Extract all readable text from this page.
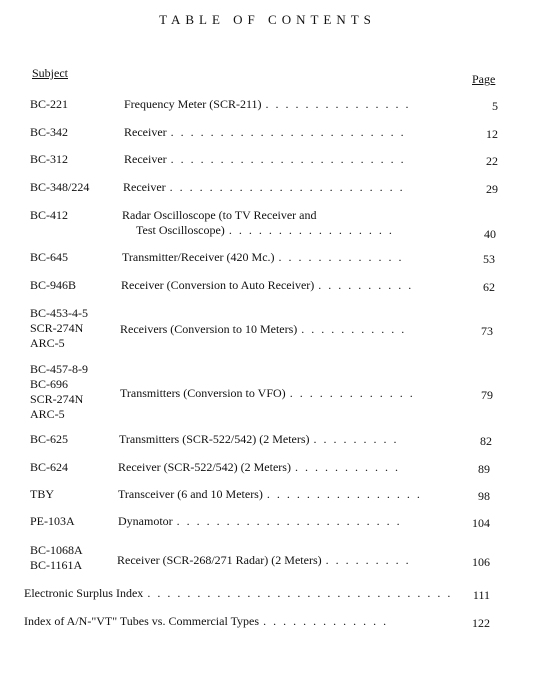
TABLE OF CONTENTS
Subject	Page
BC-221	Frequency Meter (SCR-211) . . . . . . . . . . . . . . .	5
BC-342	Receiver . . . . . . . . . . . . . . . . . . . . . . . .	12
BC-312	Receiver . . . . . . . . . . . . . . . . . . . . . . . .	22
BC-348/224	Receiver . . . . . . . . . . . . . . . . . . . . . . . .	29
BC-412	Radar Oscilloscope (to TV Receiver and
Test Oscilloscope) . . . . . . . . . . . . . . . . .	40
BC-645	Transmitter/Receiver (420 Mc.) . . . . . . . . . . . . .	53
BC-946B	Receiver (Conversion to Auto Receiver) . . . . . . . . . .	62
BC-453-4-5
SCR-274N
ARC-5
Receivers (Conversion to 10 Meters) . . . . . . . . . . .	73
BC-457-8-9
BC-696
SCR-274N
ARC-5
Transmitters (Conversion to VFO) . . . . . . . . . . . . .	79
BC-625	Transmitters (SCR-522/542) (2 Meters) . . . . . . . . .	82
BC-624	Receiver (SCR-522/542) (2 Meters) . . . . . . . . . . .	89
TBY	Transceiver (6 and 10 Meters) . . . . . . . . . . . . . . . .	98
PE-103A	Dynamotor . . . . . . . . . . . . . . . . . . . . . . .	104
BC-1068A
BC-1161A	Receiver (SCR-268/271 Radar) (2 Meters) . . . . . . . . .	106
Electronic Surplus Index . . . . . . . . . . . . . . . . . . . . . . . . . . . . . . .	111
Index of A/N-"VT" Tubes vs. Commercial Types . . . . . . . . . . . . .	122
